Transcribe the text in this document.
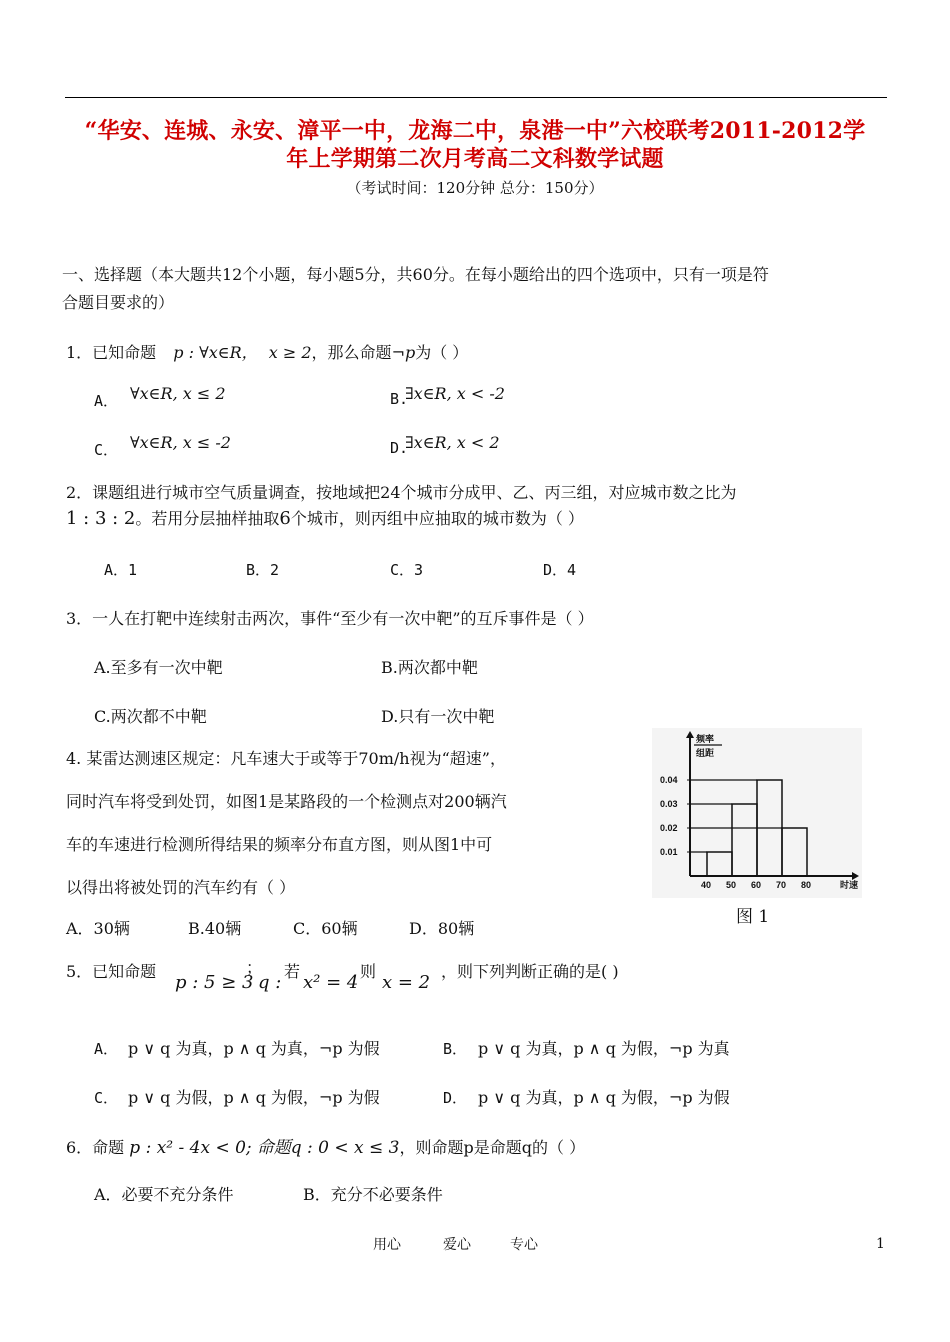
“华安、连城、永安、漳平一中，龙海二中，泉港一中”六校联考2011-2012学
年上学期第二次月考高二文科数学试题
（考试时间：120分钟 总分：150分）
一、选择题（本大题共12个小题，每小题5分，共60分。在每小题给出的四个选项中，只有一项是符
合题目要求的）
1．已知命题 p : ∀x∈R， x ≥ 2，那么命题¬p为（ ）
A． ∀x∈R, x ≤ 2	B.
∃x∈R, x < -2
C． ∀x∈R, x ≤ -2	D.
∃x∈R, x < 2
2．课题组进行城市空气质量调查，按地域把24个城市分成甲、乙、丙三组，对应城市数之比为
1 : 3 : 2。若用分层抽样抽取6个城市，则丙组中应抽取的城市数为（ ）
A．1	B．2	C．3	D．4
3．一人在打靶中连续射击两次，事件“至少有一次中靶”的互斥事件是（ ）
A.至多有一次中靶	B.两次都中靶
C.两次都不中靶	D.只有一次中靶
4. 某雷达测速区规定：凡车速大于或等于70m/h视为“超速”，
同时汽车将受到处罚，如图1是某路段的一个检测点对200辆汽
车的车速进行检测所得结果的频率分布直方图，则从图1中可
以得出将被处罚的汽车约有（ ）
A．30辆	B.40辆	C．60辆	D．80辆
频率
组距
时速
0.01
0.02
0.03
0.04
40 50 60 70 80
图 1
5．已知命题
p : 5 ≥ 3
；
q :
若
x² = 4
则
x = 2
，则下列判断正确的是( )
A． p ∨ q 为真，p ∧ q 为真，¬p 为假	B． p ∨ q 为真，p ∧ q 为假，¬p 为真
C． p ∨ q 为假，p ∧ q 为假，¬p 为假	D． p ∨ q 为真，p ∧ q 为假，¬p 为假
6．命题 p : x² - 4x < 0; 命题q : 0 < x ≤ 3，则命题p是命题q的（ ）
A．必要不充分条件	B．充分不必要条件
用心	爱心	专心	1
